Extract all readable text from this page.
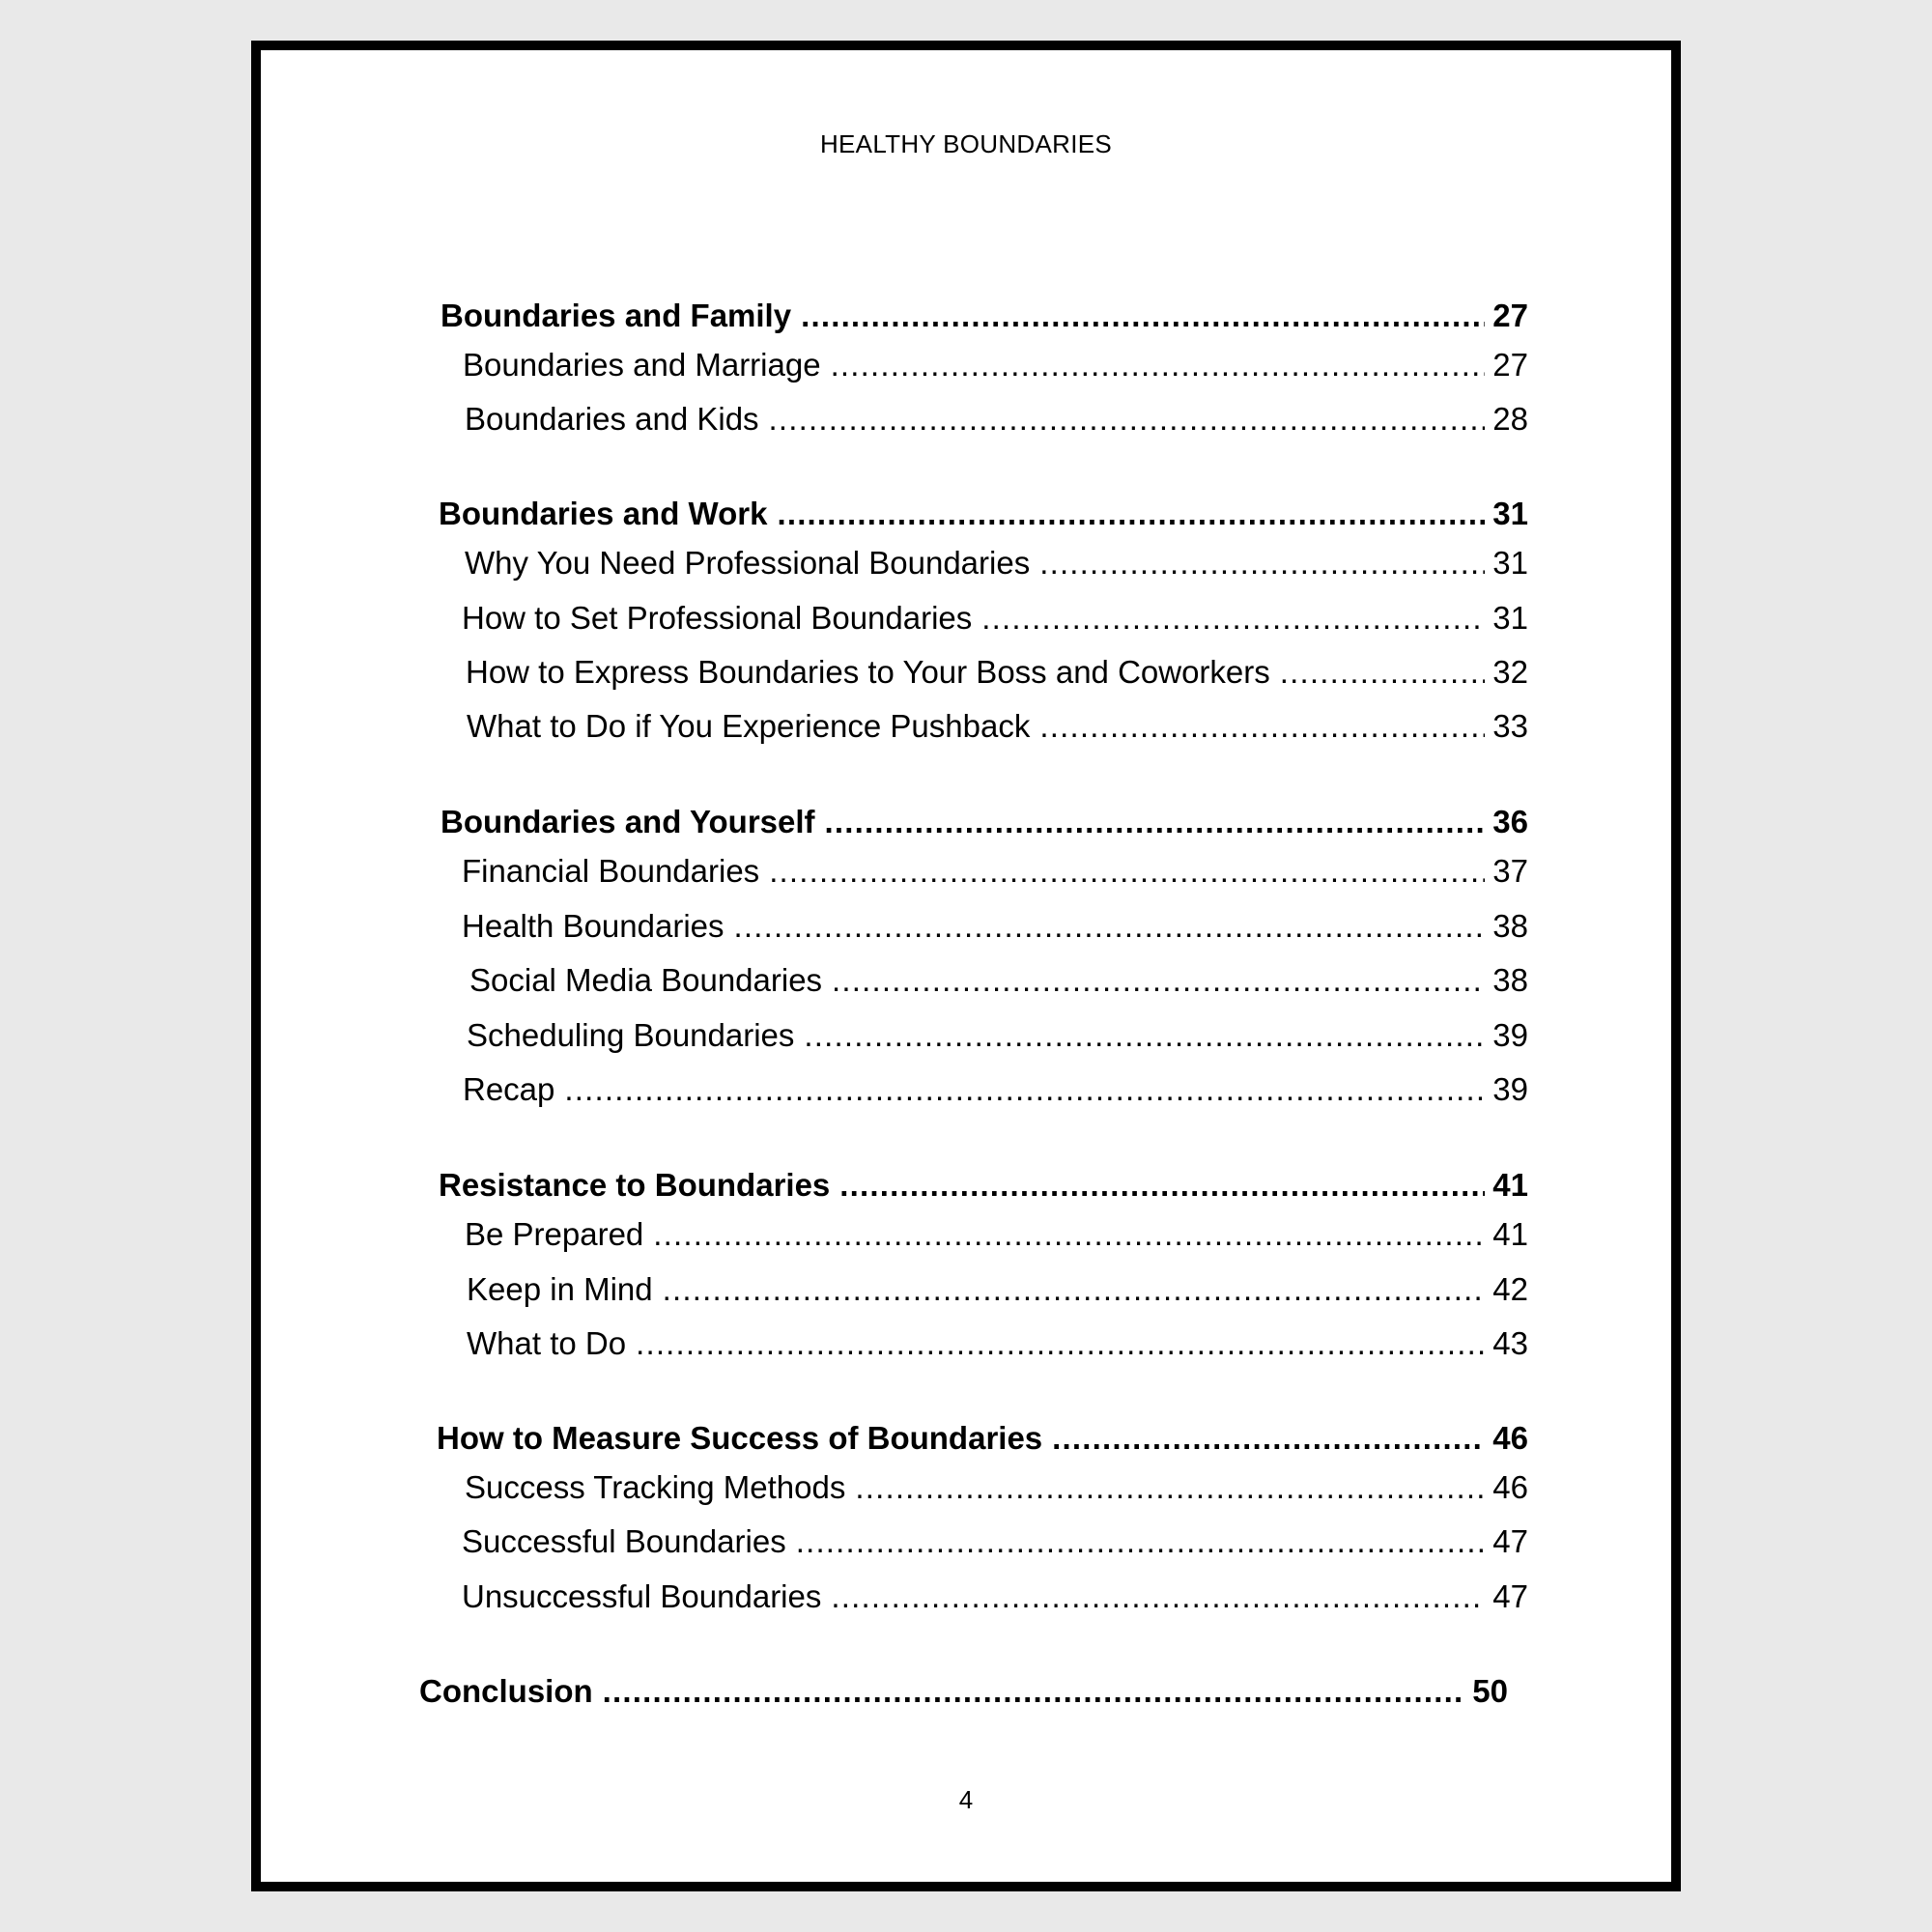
HEALTHY BOUNDARIES
Boundaries and Family .....	27
Boundaries and Marriage .....	27
Boundaries and Kids .....	28
Boundaries and Work .....	31
Why You Need Professional Boundaries .....	31
How to Set Professional Boundaries .....	31
How to Express Boundaries to Your Boss and Coworkers .....	32
What to Do if You Experience Pushback .....	33
Boundaries and Yourself .....	36
Financial Boundaries .....	37
Health Boundaries .....	38
Social Media Boundaries .....	38
Scheduling Boundaries .....	39
Recap .....	39
Resistance to Boundaries .....	41
Be Prepared .....	41
Keep in Mind .....	42
What to Do .....	43
How to Measure Success of Boundaries .....	46
Success Tracking Methods .....	46
Successful Boundaries .....	47
Unsuccessful Boundaries .....	47
Conclusion .....	50
4
